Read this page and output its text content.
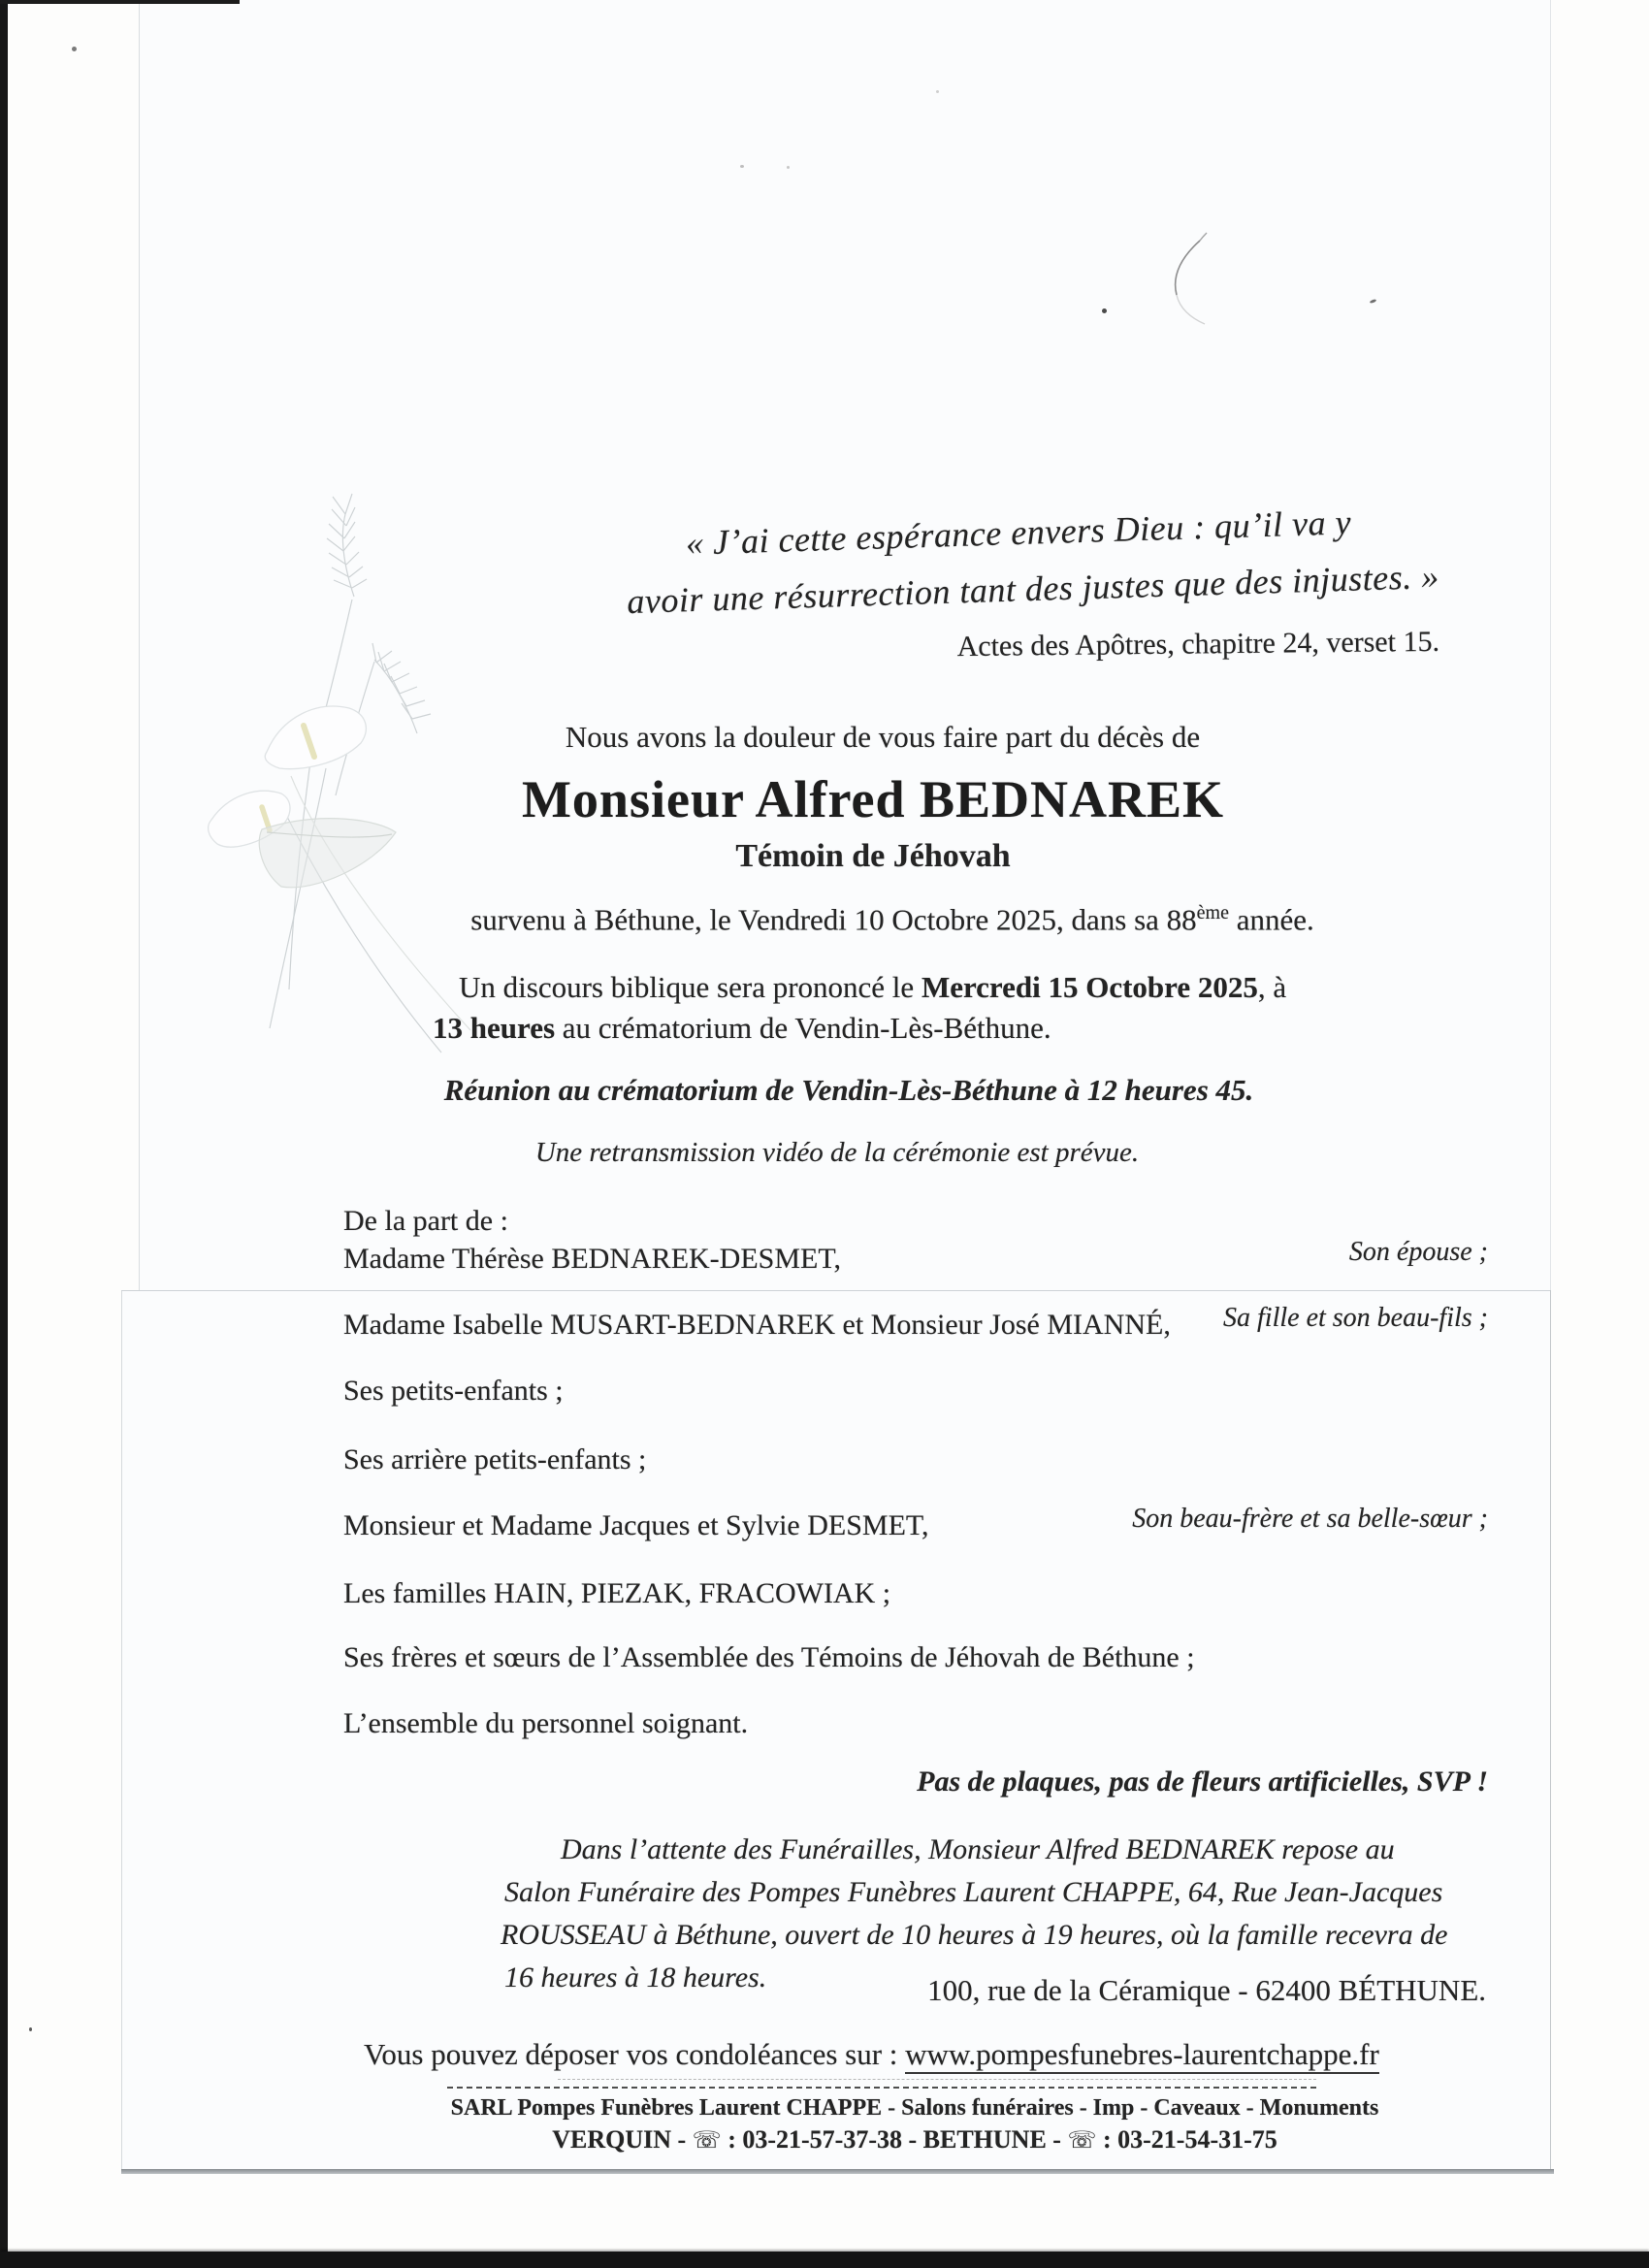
« J’ai cette espérance envers Dieu : qu’il va y
avoir une résurrection tant des justes que des injustes. »
Actes des Apôtres, chapitre 24, verset 15.
Nous avons la douleur de vous faire part du décès de
Monsieur Alfred BEDNAREK
Témoin de Jéhovah
survenu à Béthune, le Vendredi 10 Octobre 2025, dans sa 88ème année.
Un discours biblique sera prononcé le Mercredi 15 Octobre 2025, à
13 heures au crématorium de Vendin-Lès-Béthune.
Réunion au crématorium de Vendin-Lès-Béthune à 12 heures 45.
Une retransmission vidéo de la cérémonie est prévue.
De la part de :
Madame Thérèse BEDNAREK-DESMET,	Son épouse ;
Madame Isabelle MUSART-BEDNAREK et Monsieur José MIANNÉ, Sa fille et son beau-fils ;
Ses petits-enfants ;
Ses arrière petits-enfants ;
Monsieur et Madame Jacques et Sylvie DESMET,	Son beau-frère et sa belle-sœur ;
Les familles HAIN, PIEZAK, FRACOWIAK ;
Ses frères et sœurs de l’Assemblée des Témoins de Jéhovah de Béthune ;
L’ensemble du personnel soignant.
Pas de plaques, pas de fleurs artificielles, SVP !
Dans l’attente des Funérailles, Monsieur Alfred BEDNAREK repose au
Salon Funéraire des Pompes Funèbres Laurent CHAPPE, 64, Rue Jean-Jacques
ROUSSEAU à Béthune, ouvert de 10 heures à 19 heures, où la famille recevra de
16 heures à 18 heures.	100, rue de la Céramique - 62400 BÉTHUNE.
Vous pouvez déposer vos condoléances sur : www.pompesfunebres-laurentchappe.fr
SARL Pompes Funèbres Laurent CHAPPE - Salons funéraires - Imp - Caveaux - Monuments
VERQUIN - ☏ : 03-21-57-37-38 - BETHUNE - ☏ : 03-21-54-31-75
